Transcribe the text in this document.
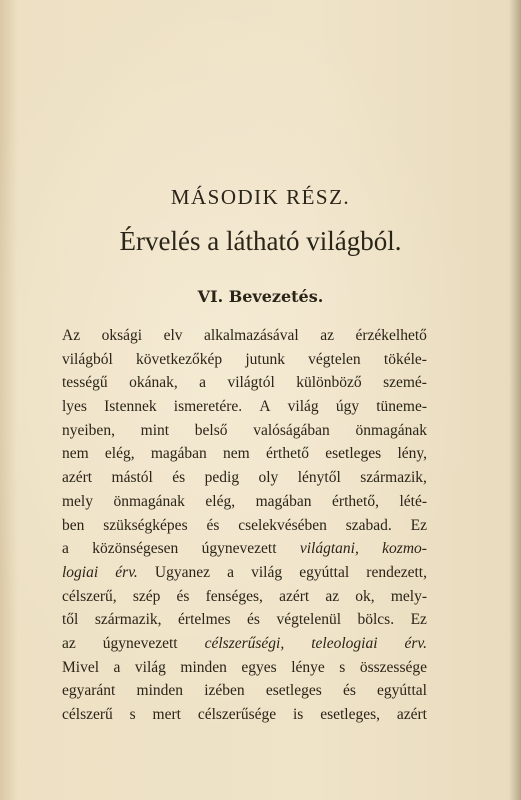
MÁSODIK RÉSZ.
Érvelés a látható világból.
VI. Bevezetés.
Az oksági elv alkalmazásával az érzékelhető
világból következőkép jutunk végtelen tökéle-
tességű okának, a világtól különböző szemé-
lyes Istennek ismeretére. A világ úgy tüneme-
nyeiben, mint belső valóságában önmagának
nem elég, magában nem érthető esetleges lény,
azért mástól és pedig oly lénytől származik,
mely önmagának elég, magában érthető, lété-
ben szükségképes és cselekvésében szabad. Ez
a közönségesen úgynevezett világtani, kozmo-
logiai érv. Ugyanez a világ egyúttal rendezett,
célszerű, szép és fenséges, azért az ok, mely-
től származik, értelmes és végtelenül bölcs. Ez
az úgynevezett célszerűségi, teleologiai érv.
Mivel a világ minden egyes lénye s összessége
egyaránt minden izében esetleges és egyúttal
célszerű s mert célszerűsége is esetleges, azért
